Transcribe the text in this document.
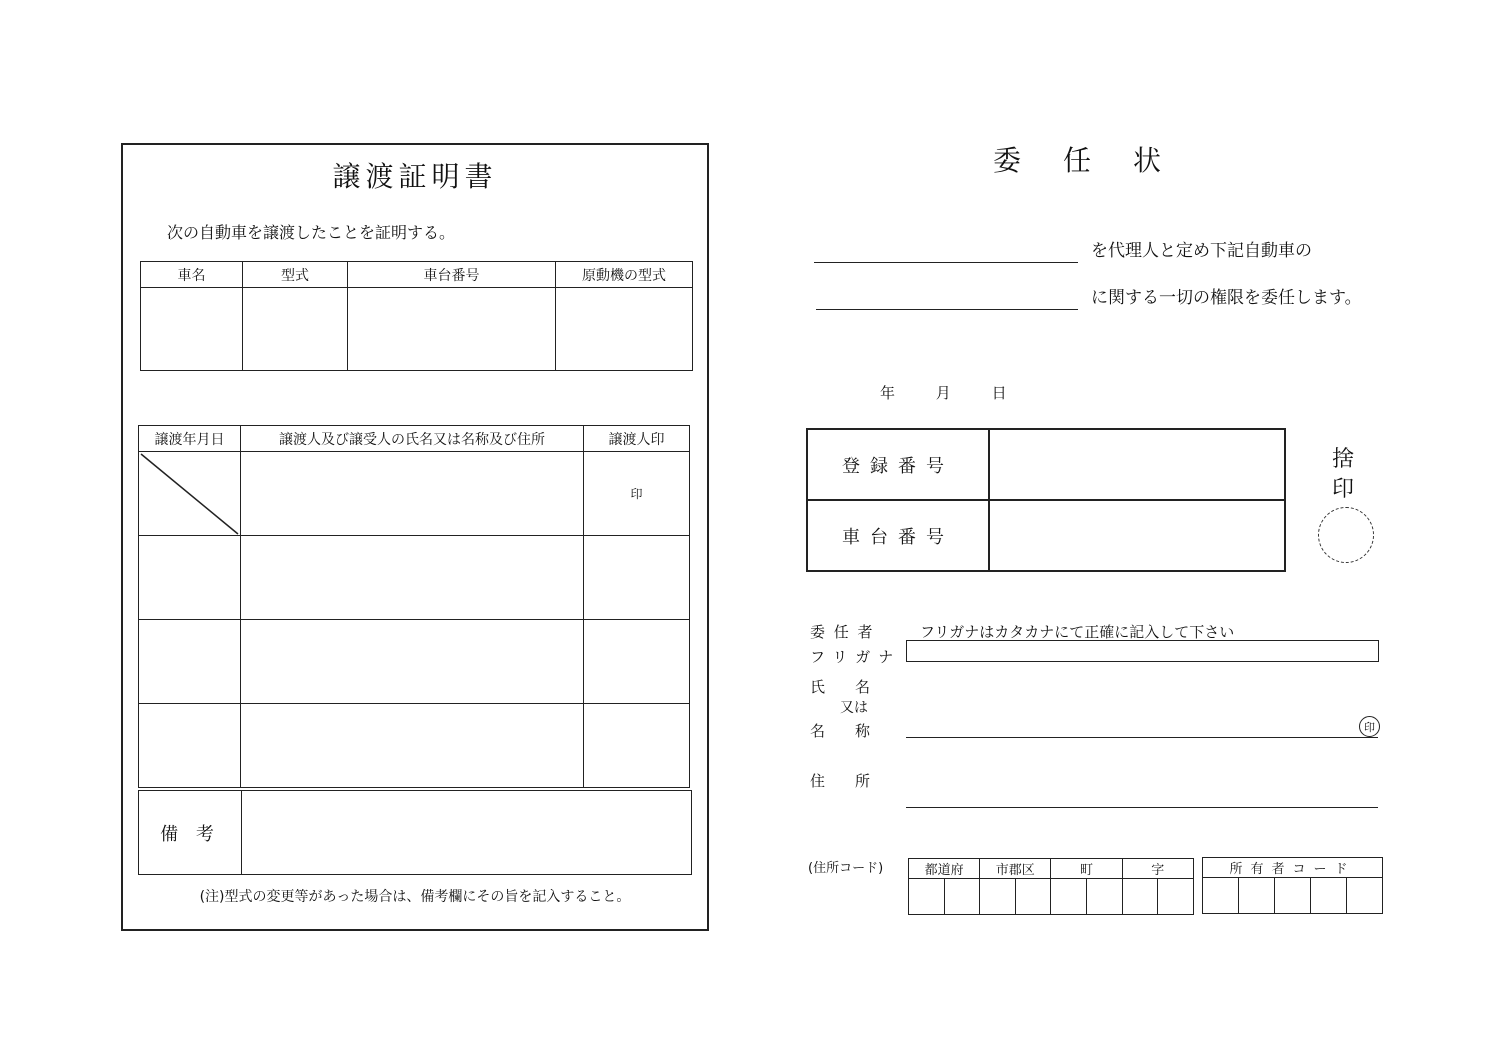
譲渡証明書
次の自動車を譲渡したことを証明する。
車名	型式	車台番号	原動機の型式

譲渡年月日	譲渡人及び譲受人の氏名又は名称及び住所	譲渡人印

		印

備 考	
(注)型式の変更等があった場合は、備考欄にその旨を記入すること。
委任状
を代理人と定め下記自動車の
に関する一切の権限を委任します。
年	月	日
登録番号	
車台番号	
捨印
委 任 者	フリガナはカタカナにて正確に記入して下さい
フリガナ
氏　　名
又は
名　　称	印
住　　所
(住所コード)	都道府		市郡区		町		字	
								所有者コード
